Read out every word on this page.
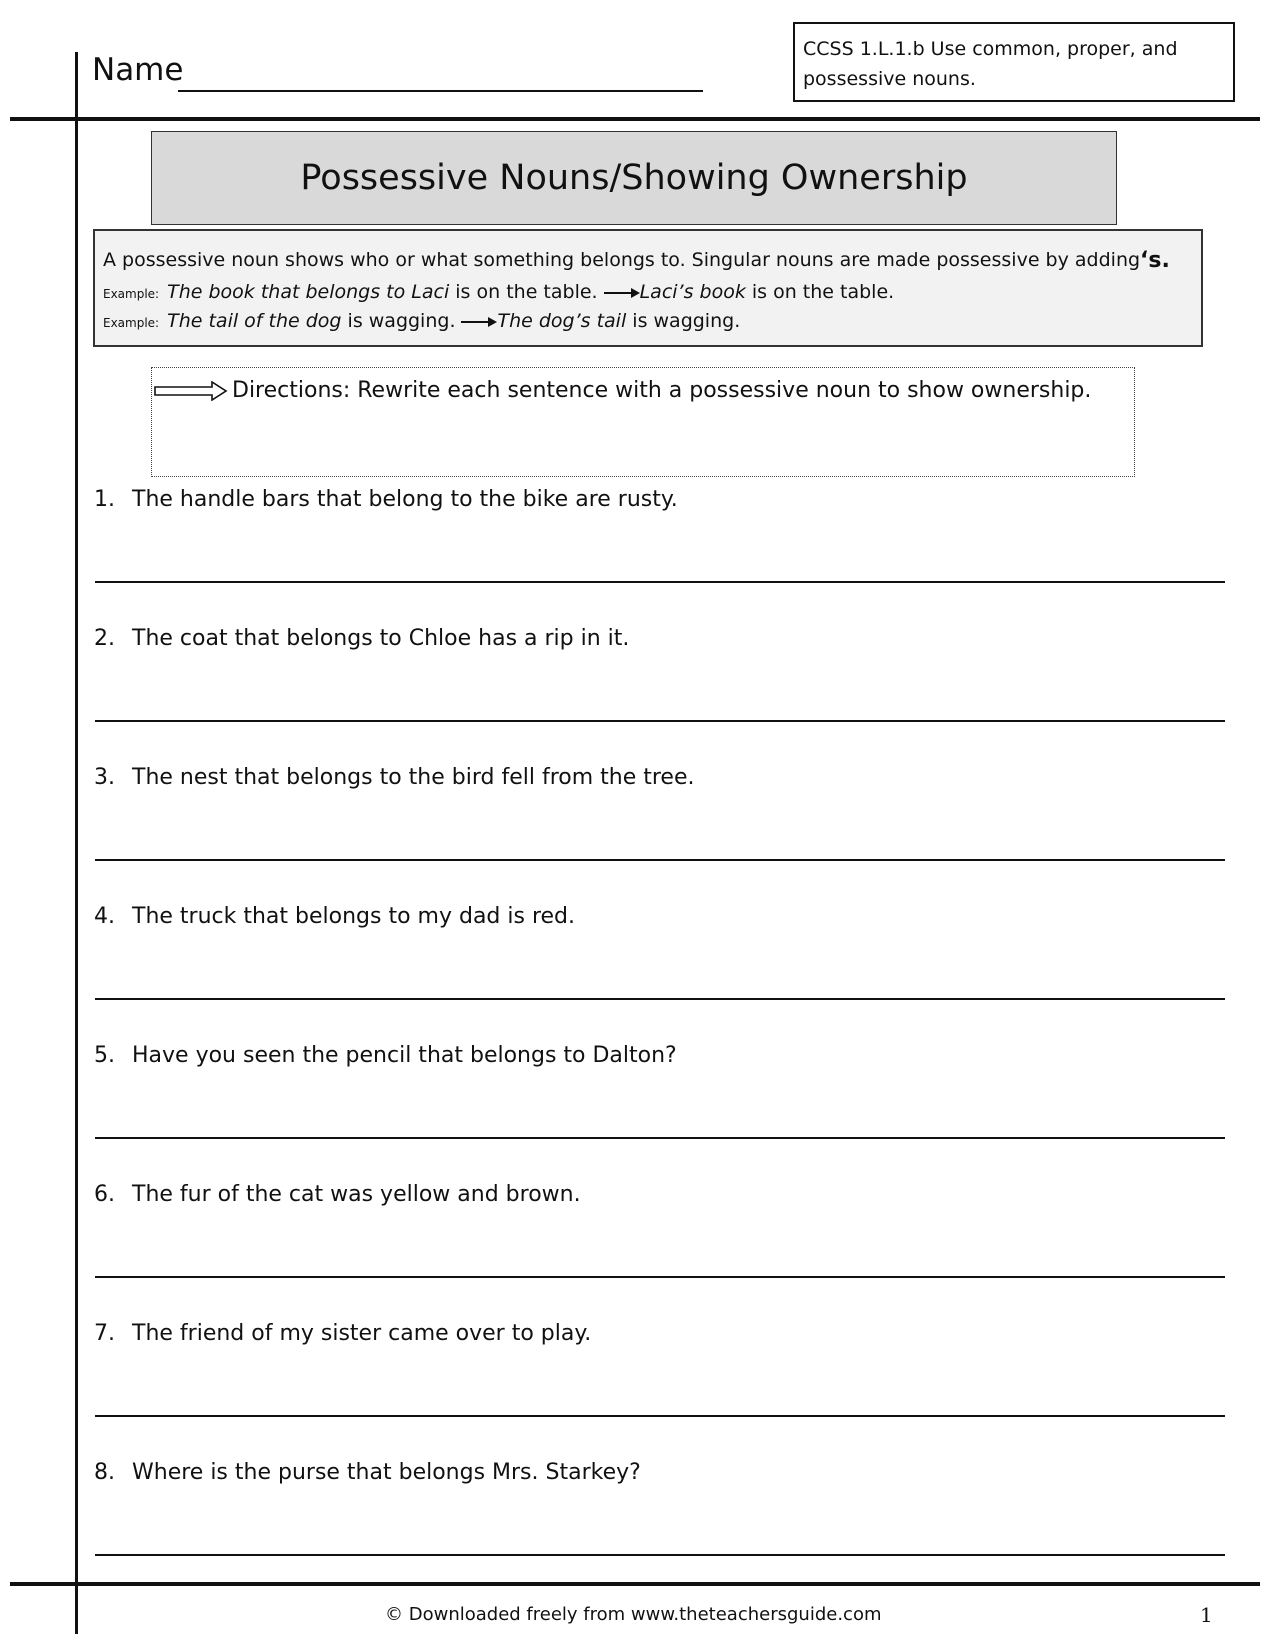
Name
CCSS 1.L.1.b Use common, proper, and possessive nouns.
Possessive Nouns/Showing Ownership
A possessive noun shows who or what something belongs to. Singular nouns are made possessive by adding
Example: The book that belongs to Laci is on the table. Laci’s book is on the table.
Example: The tail of the dog is wagging. The dog’s tail is wagging.
‘s.
Directions: Rewrite each sentence with a possessive noun to show ownership.
1. The handle bars that belong to the bike are rusty.
2. The coat that belongs to Chloe has a rip in it.
3. The nest that belongs to the bird fell from the tree.
4. The truck that belongs to my dad is red.
5. Have you seen the pencil that belongs to Dalton?
6. The fur of the cat was yellow and brown.
7. The friend of my sister came over to play.
8. Where is the purse that belongs Mrs. Starkey?
© Downloaded freely from www.theteachersguide.com	1
